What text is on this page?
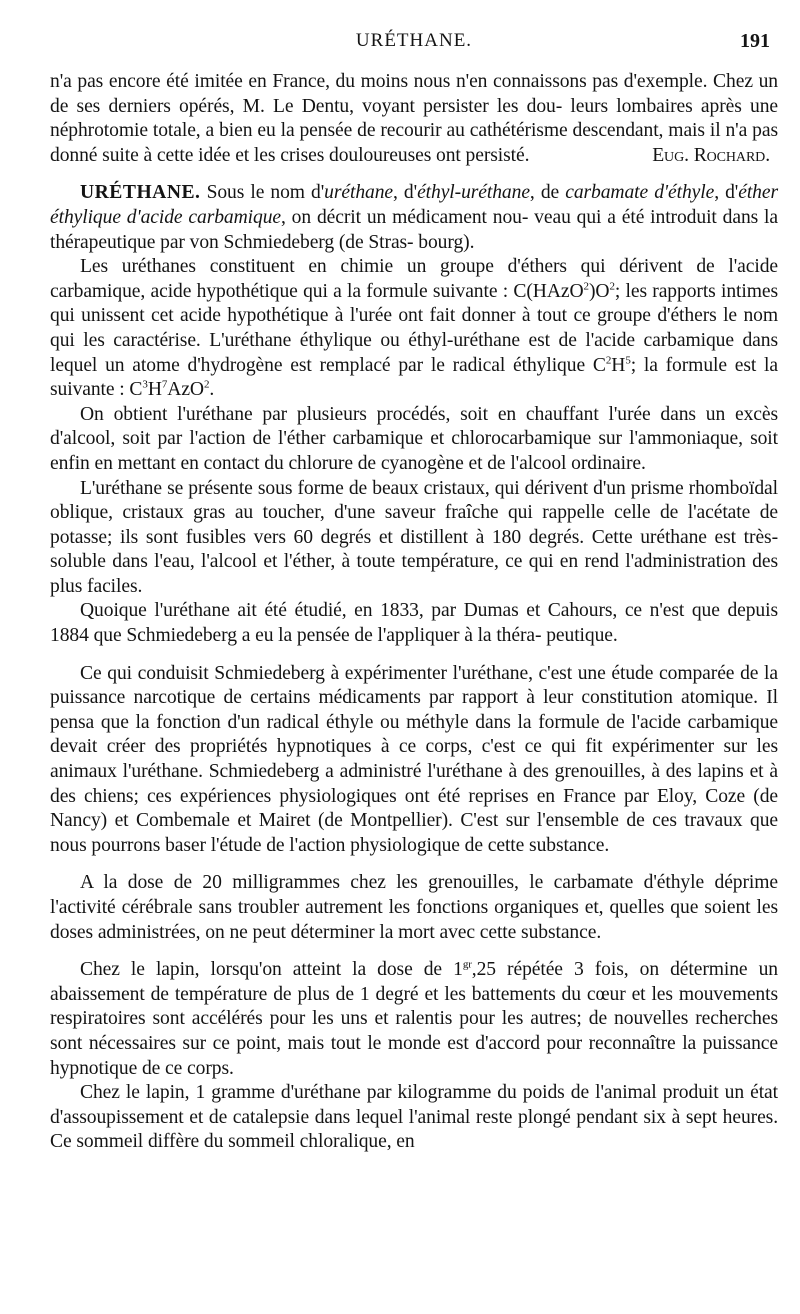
URÉTHANE.	191

n'a pas encore été imitée en France, du moins nous n'en connaissons pas d'exemple. Chez un de ses derniers opérés, M. Le Dentu, voyant persister les dou- leurs lombaires après une néphrotomie totale, a bien eu la pensée de recourir au cathétérisme descendant, mais il n'a pas donné suite à cette idée et les crises douloureuses ont persisté.	Eug. Rochard.

URÉTHANE. Sous le nom d'uréthane, d'éthyl-uréthane, de carbamate d'éthyle, d'éther éthylique d'acide carbamique, on décrit un médicament nou- veau qui a été introduit dans la thérapeutique par von Schmiedeberg (de Stras- bourg).

Les uréthanes constituent en chimie un groupe d'éthers qui dérivent de l'acide carbamique, acide hypothétique qui a la formule suivante : $C(HAzO^2)O^2$; les rapports intimes qui unissent cet acide hypothétique à l'urée ont fait donner à tout ce groupe d'éthers le nom qui les caractérise. L'uréthane éthylique ou éthyl-uréthane est de l'acide carbamique dans lequel un atome d'hydrogène est remplacé par le radical éthylique $C^2H^5$; la formule est la suivante : $C^3H^7AzO^2$.

On obtient l'uréthane par plusieurs procédés, soit en chauffant l'urée dans un excès d'alcool, soit par l'action de l'éther carbamique et chlorocarbamique sur l'ammoniaque, soit enfin en mettant en contact du chlorure de cyanogène et de l'alcool ordinaire.

L'uréthane se présente sous forme de beaux cristaux, qui dérivent d'un prisme rhomboïdal oblique, cristaux gras au toucher, d'une saveur fraîche qui rappelle celle de l'acétate de potasse; ils sont fusibles vers 60 degrés et distillent à 180 degrés. Cette uréthane est très-soluble dans l'eau, l'alcool et l'éther, à toute température, ce qui en rend l'administration des plus faciles.

Quoique l'uréthane ait été étudié, en 1833, par Dumas et Cahours, ce n'est que depuis 1884 que Schmiedeberg a eu la pensée de l'appliquer à la théra- peutique.

Ce qui conduisit Schmiedeberg à expérimenter l'uréthane, c'est une étude comparée de la puissance narcotique de certains médicaments par rapport à leur constitution atomique. Il pensa que la fonction d'un radical éthyle ou méthyle dans la formule de l'acide carbamique devait créer des propriétés hypnotiques à ce corps, c'est ce qui fit expérimenter sur les animaux l'uréthane. Schmiedeberg a administré l'uréthane à des grenouilles, à des lapins et à des chiens; ces expériences physiologiques ont été reprises en France par Eloy, Coze (de Nancy) et Combemale et Mairet (de Montpellier). C'est sur l'ensemble de ces travaux que nous pourrons baser l'étude de l'action physiologique de cette substance.

A la dose de 20 milligrammes chez les grenouilles, le carbamate d'éthyle déprime l'activité cérébrale sans troubler autrement les fonctions organiques et, quelles que soient les doses administrées, on ne peut déterminer la mort avec cette substance.

Chez le lapin, lorsqu'on atteint la dose de $1^{gr},25$ répétée 3 fois, on détermine un abaissement de température de plus de 1 degré et les battements du cœur et les mouvements respiratoires sont accélérés pour les uns et ralentis pour les autres; de nouvelles recherches sont nécessaires sur ce point, mais tout le monde est d'accord pour reconnaître la puissance hypnotique de ce corps.

Chez le lapin, 1 gramme d'uréthane par kilogramme du poids de l'animal produit un état d'assoupissement et de catalepsie dans lequel l'animal reste plongé pendant six à sept heures. Ce sommeil diffère du sommeil chloralique, en
